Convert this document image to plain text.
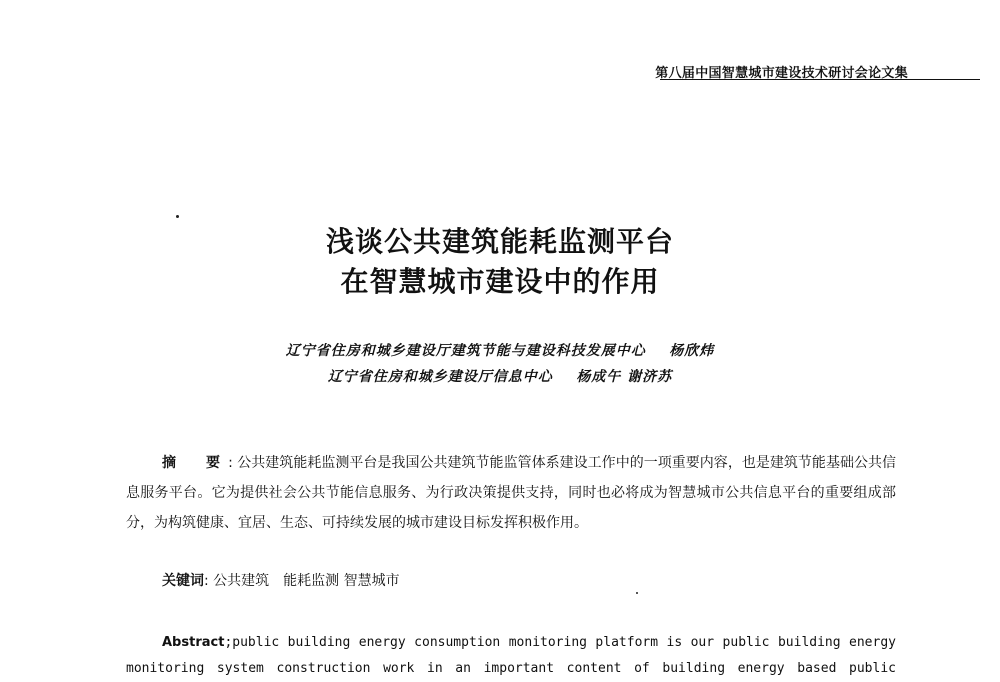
第八届中国智慧城市建设技术研讨会论文集
浅谈公共建筑能耗监测平台
在智慧城市建设中的作用
辽宁省住房和城乡建设厅建筑节能与建设科技发展中心 杨欣炜
辽宁省住房和城乡建设厅信息中心 杨成午 谢济苏
摘　要: 公共建筑能耗监测平台是我国公共建筑节能监管体系建设工作中的一项重要内容，也是建筑节能基础公共信息服务平台。它为提供社会公共节能信息服务、为行政决策提供支持，同时也必将成为智慧城市公共信息平台的重要组成部分，为构筑健康、宜居、生态、可持续发展的城市建设目标发挥积极作用。
关键词: 公共建筑　能耗监测 智慧城市
Abstract;public building energy consumption monitoring platform is our public building energy monitoring system construction work in an important content of building energy based public
